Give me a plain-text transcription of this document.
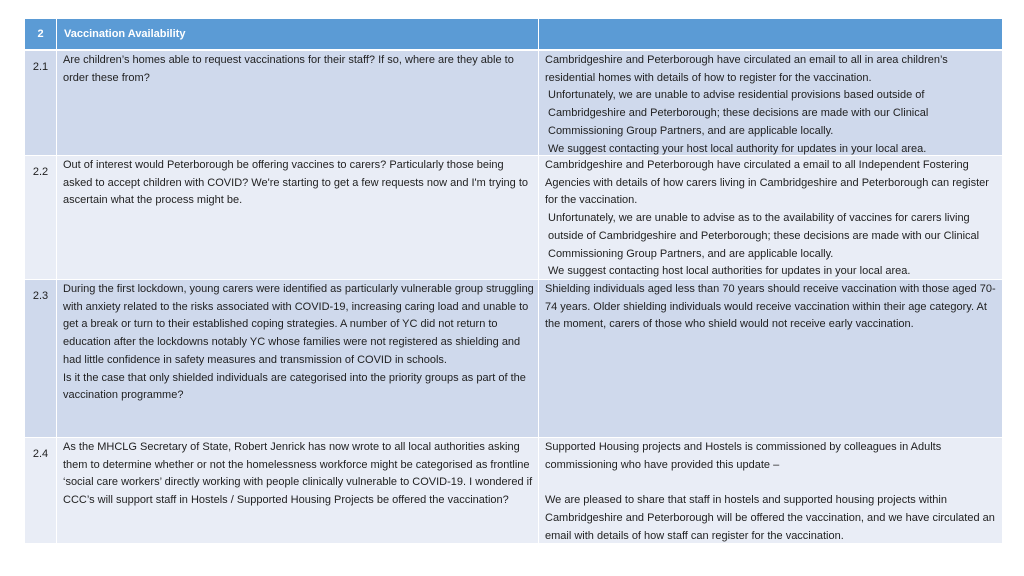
2	Vaccination Availability
2.1
Are children’s homes able to request vaccinations for their staff? If so, where are they able to order these from?
Cambridgeshire and Peterborough have circulated an email to all in area children’s residential homes with details of how to register for the vaccination.
Unfortunately, we are unable to advise residential provisions based outside of Cambridgeshire and Peterborough; these decisions are made with our Clinical Commissioning Group Partners, and are applicable locally.
We suggest contacting your host local authority for updates in your local area.
2.2
Out of interest would Peterborough be offering vaccines to carers? Particularly those being asked to accept children with COVID? We're starting to get a few requests now and I'm trying to ascertain what the process might be.
Cambridgeshire and Peterborough have circulated a email to all Independent Fostering Agencies with details of how carers living in Cambridgeshire and Peterborough can register for the vaccination.
Unfortunately, we are unable to advise as to the availability of vaccines for carers living outside of Cambridgeshire and Peterborough; these decisions are made with our Clinical Commissioning Group Partners, and are applicable locally.
We suggest contacting host local authorities for updates in your local area.
2.3
During the first lockdown, young carers were identified as particularly vulnerable group struggling with anxiety related to the risks associated with COVID-19, increasing caring load and unable to get a break or turn to their established coping strategies. A number of YC did not return to education after the lockdowns notably YC whose families were not registered as shielding and had little confidence in safety measures and transmission of COVID in schools.
Is it the case that only shielded individuals are categorised into the priority groups as part of the vaccination programme?
Shielding individuals aged less than 70 years should receive vaccination with those aged 70-74 years. Older shielding individuals would receive vaccination within their age category. At the moment, carers of those who shield would not receive early vaccination.
2.4
As the MHCLG Secretary of State, Robert Jenrick has now wrote to all local authorities asking them to determine whether or not the homelessness workforce might be categorised as frontline ‘social care workers’ directly working with people clinically vulnerable to COVID-19. I wondered if CCC’s will support staff in Hostels / Supported Housing Projects be offered the vaccination?
Supported Housing projects and Hostels is commissioned by colleagues in Adults commissioning who have provided this update –
We are pleased to share that staff in hostels and supported housing projects within Cambridgeshire and Peterborough will be offered the vaccination, and we have circulated an email with details of how staff can register for the vaccination.
